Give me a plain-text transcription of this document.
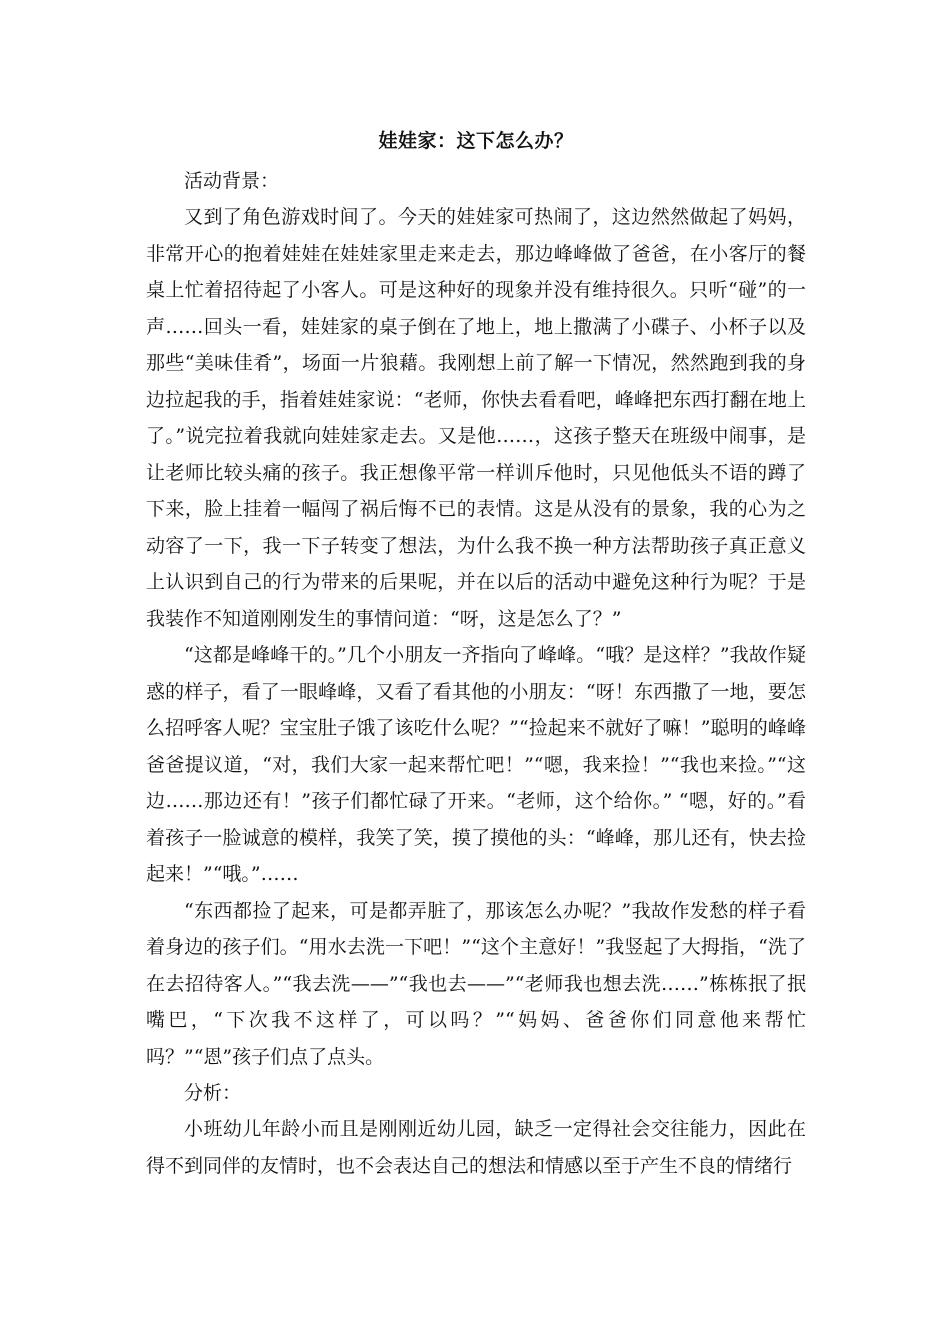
娃娃家：这下怎么办？

活动背景：

又到了角色游戏时间了。今天的娃娃家可热闹了，这边然然做起了妈妈，非常开心的抱着娃娃在娃娃家里走来走去，那边峰峰做了爸爸，在小客厅的餐桌上忙着招待起了小客人。可是这种好的现象并没有维持很久。只听“碰”的一声……回头一看，娃娃家的桌子倒在了地上，地上撒满了小碟子、小杯子以及那些“美味佳肴”，场面一片狼藉。我刚想上前了解一下情况，然然跑到我的身边拉起我的手，指着娃娃家说：“老师，你快去看看吧，峰峰把东西打翻在地上了。”说完拉着我就向娃娃家走去。又是他……，这孩子整天在班级中闹事，是让老师比较头痛的孩子。我正想像平常一样训斥他时，只见他低头不语的蹲了下来，脸上挂着一幅闯了祸后悔不已的表情。这是从没有的景象，我的心为之动容了一下，我一下子转变了想法，为什么我不换一种方法帮助孩子真正意义上认识到自己的行为带来的后果呢，并在以后的活动中避免这种行为呢？于是我装作不知道刚刚发生的事情问道：“呀，这是怎么了？”

“这都是峰峰干的。”几个小朋友一齐指向了峰峰。“哦？是这样？”我故作疑惑的样子，看了一眼峰峰，又看了看其他的小朋友：“呀！东西撒了一地，要怎么招呼客人呢？宝宝肚子饿了该吃什么呢？”“捡起来不就好了嘛！”聪明的峰峰爸爸提议道，“对，我们大家一起来帮忙吧！”“嗯，我来捡！”“我也来捡。”“这边……那边还有！”孩子们都忙碌了开来。“老师，这个给你。” “嗯，好的。”看着孩子一脸诚意的模样，我笑了笑，摸了摸他的头：“峰峰，那儿还有，快去捡起来！”“哦。”……

“东西都捡了起来，可是都弄脏了，那该怎么办呢？”我故作发愁的样子看着身边的孩子们。“用水去洗一下吧！”“这个主意好！”我竖起了大拇指，“洗了在去招待客人。”“我去洗——”“我也去——”“老师我也想去洗……”栋栋抿了抿嘴巴，“下次我不这样了，可以吗？”“妈妈、爸爸你们同意他来帮忙吗？”“恩”孩子们点了点头。

分析：

小班幼儿年龄小而且是刚刚近幼儿园，缺乏一定得社会交往能力，因此在得不到同伴的友情时，也不会表达自己的想法和情感以至于产生不良的情绪行
